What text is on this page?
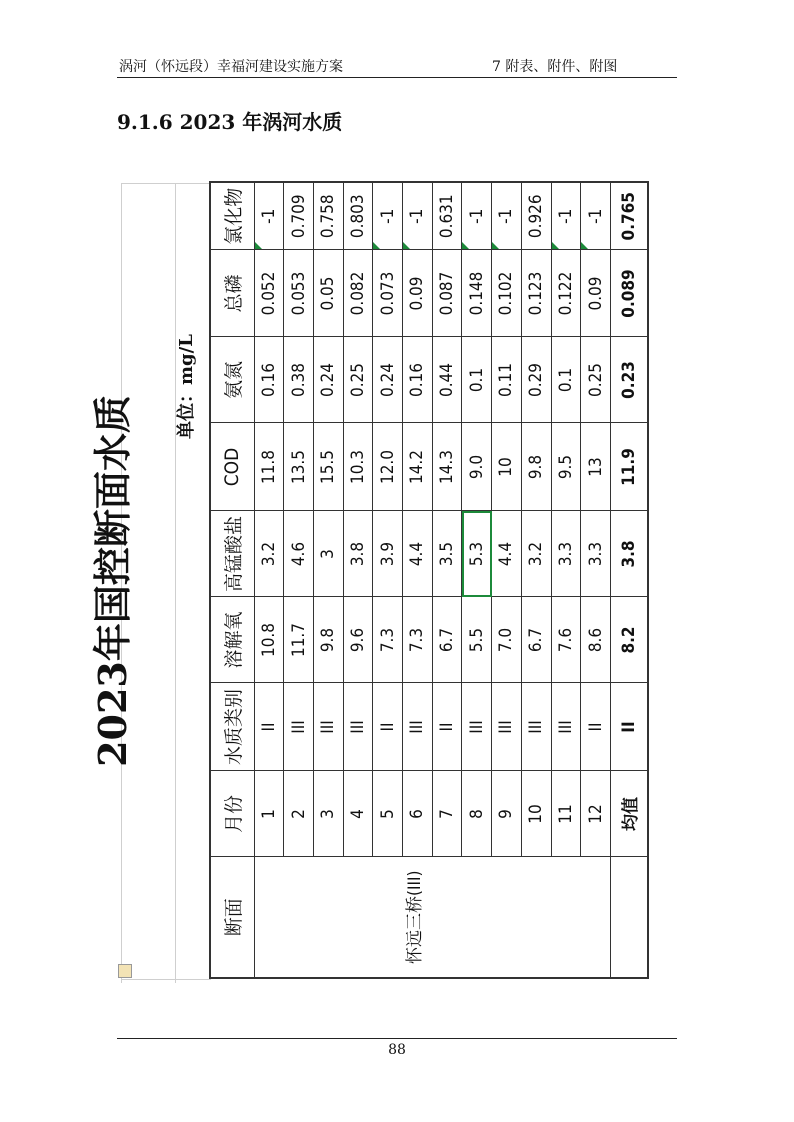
涡河（怀远段）幸福河建设实施方案	7 附表、附件、附图
9.1.6 2023 年涡河水质
2023年国控断面水质
单位：mg/L
断面	月份	水质类别	溶解氧	高锰酸盐	COD	氨氮	总磷	氯化物
怀远三桥(III)	1	II	10.8	3.2	11.8	0.16	0.052	-1
	2	III	11.7	4.6	13.5	0.38	0.053	0.709
	3	III	9.8	3	15.5	0.24	0.05	0.758
	4	III	9.6	3.8	10.3	0.25	0.082	0.803
	5	II	7.3	3.9	12.0	0.24	0.073	-1
	6	III	7.3	4.4	14.2	0.16	0.09	-1
	7	II	6.7	3.5	14.3	0.44	0.087	0.631
	8	III	5.5	5.3	9.0	0.1	0.148	-1
	9	III	7.0	4.4	10	0.11	0.102	-1
	10	III	6.7	3.2	9.8	0.29	0.123	0.926
	11	III	7.6	3.3	9.5	0.1	0.122	-1
	12	II	8.6	3.3	13	0.25	0.09	-1
	均值	II	8.2	3.8	11.9	0.23	0.089	0.765
88
